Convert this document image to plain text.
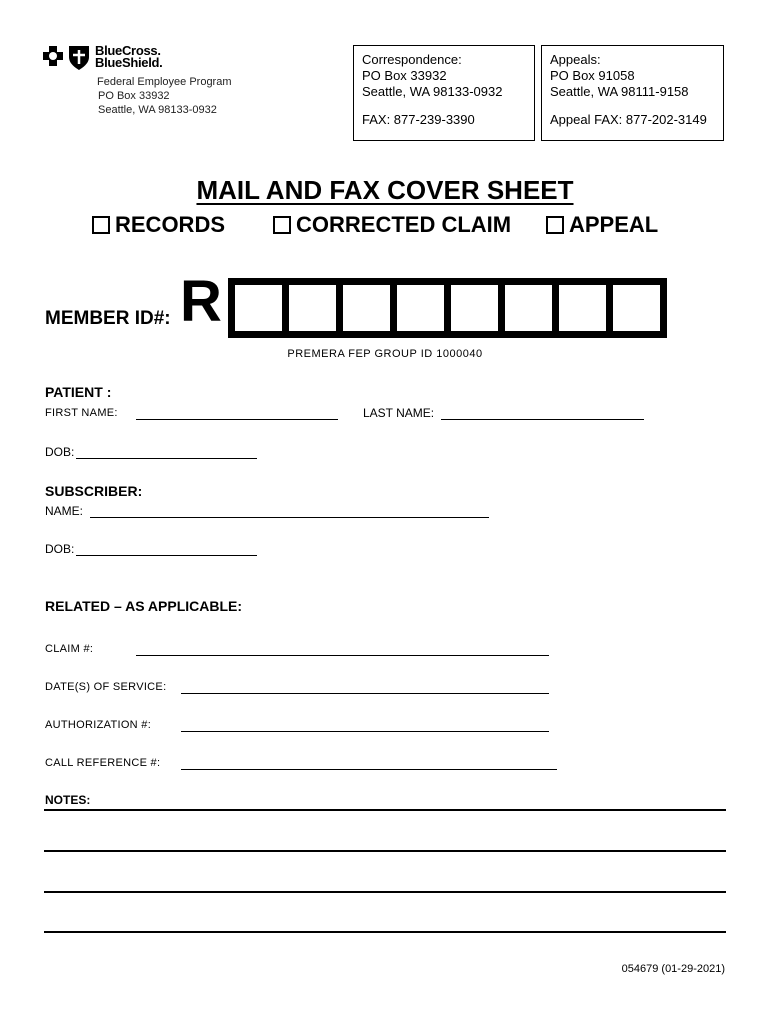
BlueCross.
BlueShield.
Federal Employee Program
PO Box 33932
Seattle, WA 98133-0932
Correspondence:
PO Box 33932
Seattle, WA 98133-0932
FAX: 877-239-3390
Appeals:
PO Box 91058
Seattle, WA 98111-9158
Appeal FAX: 877-202-3149
MAIL AND FAX COVER SHEET
RECORDS	CORRECTED CLAIM	APPEAL
MEMBER ID#: R
PREMERA FEP GROUP ID 1000040
PATIENT :
FIRST NAME:	LAST NAME:
DOB:
SUBSCRIBER:
NAME:
DOB:
RELATED – AS APPLICABLE:
CLAIM #:
DATE(S) OF SERVICE:
AUTHORIZATION #:
CALL REFERENCE #:
NOTES:
054679 (01-29-2021)
